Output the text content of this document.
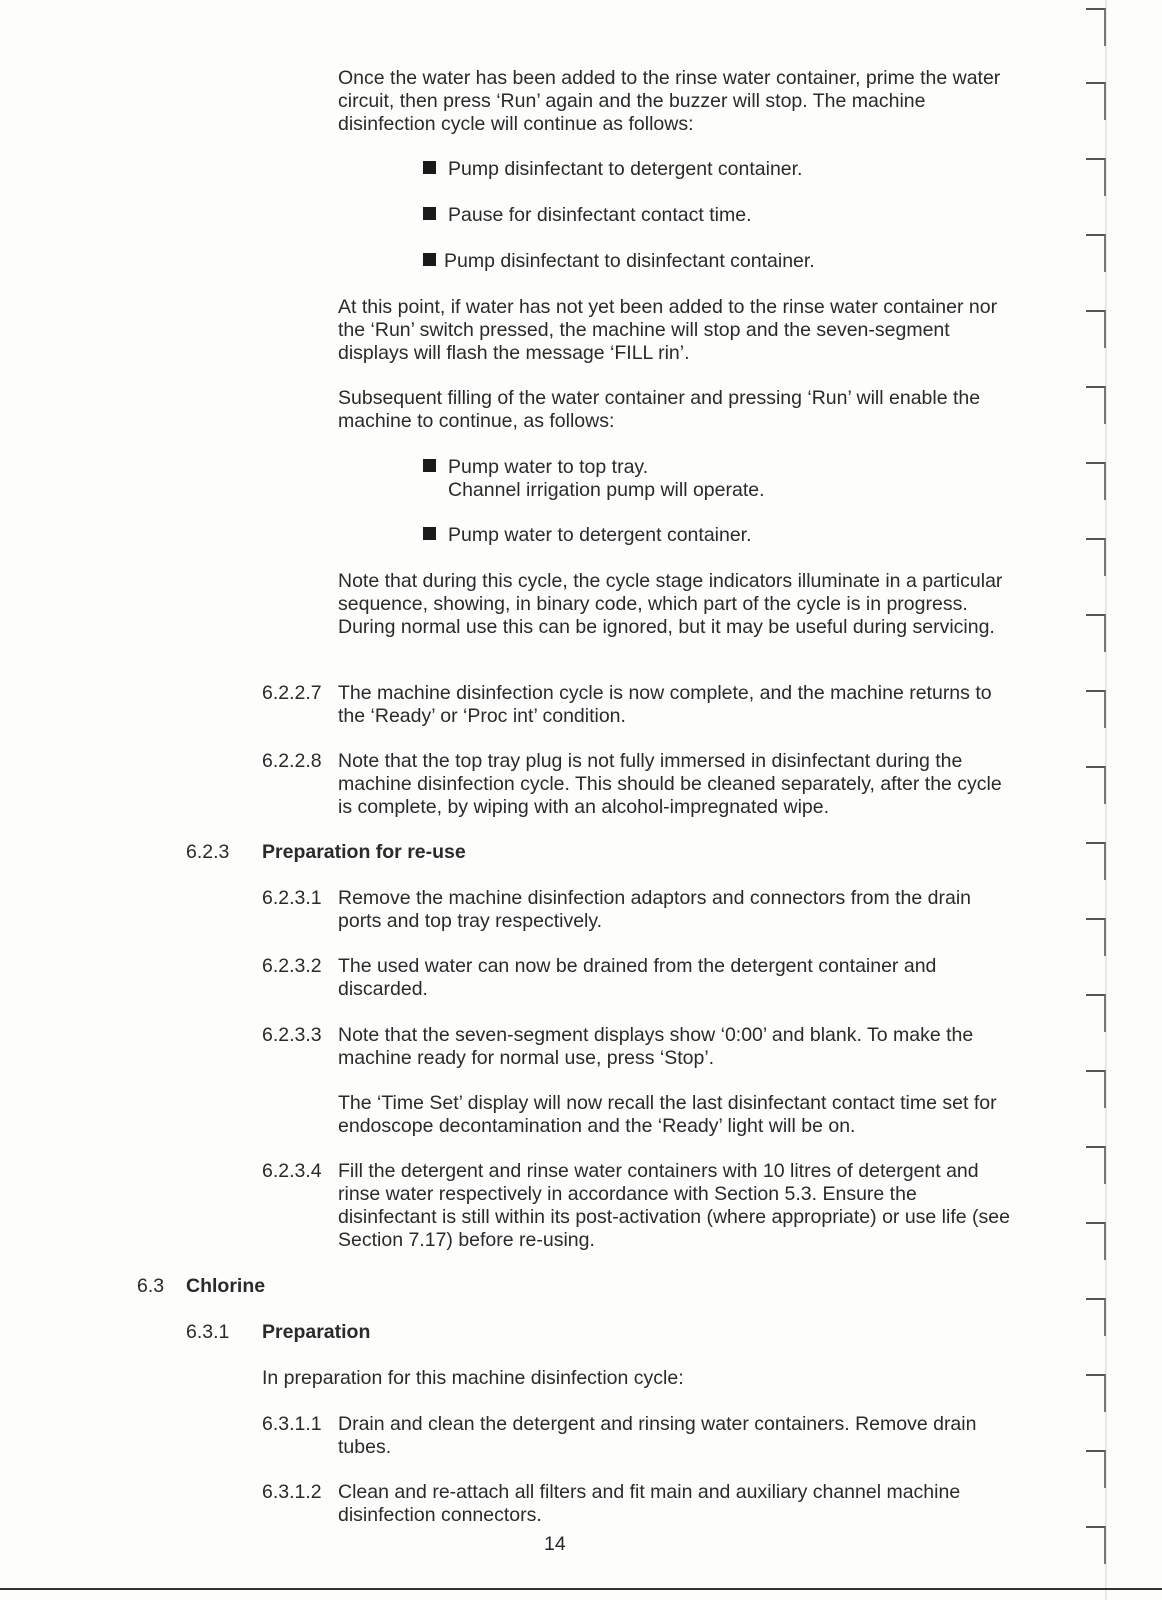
Once the water has been added to the rinse water container, prime the water circuit, then press ‘Run’ again and the buzzer will stop. The machine disinfection cycle will continue as follows:

Pump disinfectant to detergent container.
Pause for disinfectant contact time.
Pump disinfectant to disinfectant container.

At this point, if water has not yet been added to the rinse water container nor the ‘Run’ switch pressed, the machine will stop and the seven-segment displays will flash the message ‘FILL rin’.

Subsequent filling of the water container and pressing ‘Run’ will enable the machine to continue, as follows:

Pump water to top tray.
Channel irrigation pump will operate.
Pump water to detergent container.

Note that during this cycle, the cycle stage indicators illuminate in a particular sequence, showing, in binary code, which part of the cycle is in progress. During normal use this can be ignored, but it may be useful during servicing.

6.2.2.7 The machine disinfection cycle is now complete, and the machine returns to the ‘Ready’ or ‘Proc int’ condition.

6.2.2.8 Note that the top tray plug is not fully immersed in disinfectant during the machine disinfection cycle. This should be cleaned separately, after the cycle is complete, by wiping with an alcohol-impregnated wipe.

6.2.3	Preparation for re-use
6.2.3.1 Remove the machine disinfection adaptors and connectors from the drain ports and top tray respectively.

6.2.3.2 The used water can now be drained from the detergent container and discarded.

6.2.3.3 Note that the seven-segment displays show ‘0:00’ and blank. To make the machine ready for normal use, press ‘Stop’.

The ‘Time Set’ display will now recall the last disinfectant contact time set for endoscope decontamination and the ‘Ready’ light will be on.

6.2.3.4 Fill the detergent and rinse water containers with 10 litres of detergent and rinse water respectively in accordance with Section 5.3. Ensure the disinfectant is still within its post-activation (where appropriate) or use life (see Section 7.17) before re-using.

6.3	Chlorine
6.3.1	Preparation

In preparation for this machine disinfection cycle:

6.3.1.1 Drain and clean the detergent and rinsing water containers. Remove drain tubes.

6.3.1.2 Clean and re-attach all filters and fit main and auxiliary channel machine disinfection connectors.

14
